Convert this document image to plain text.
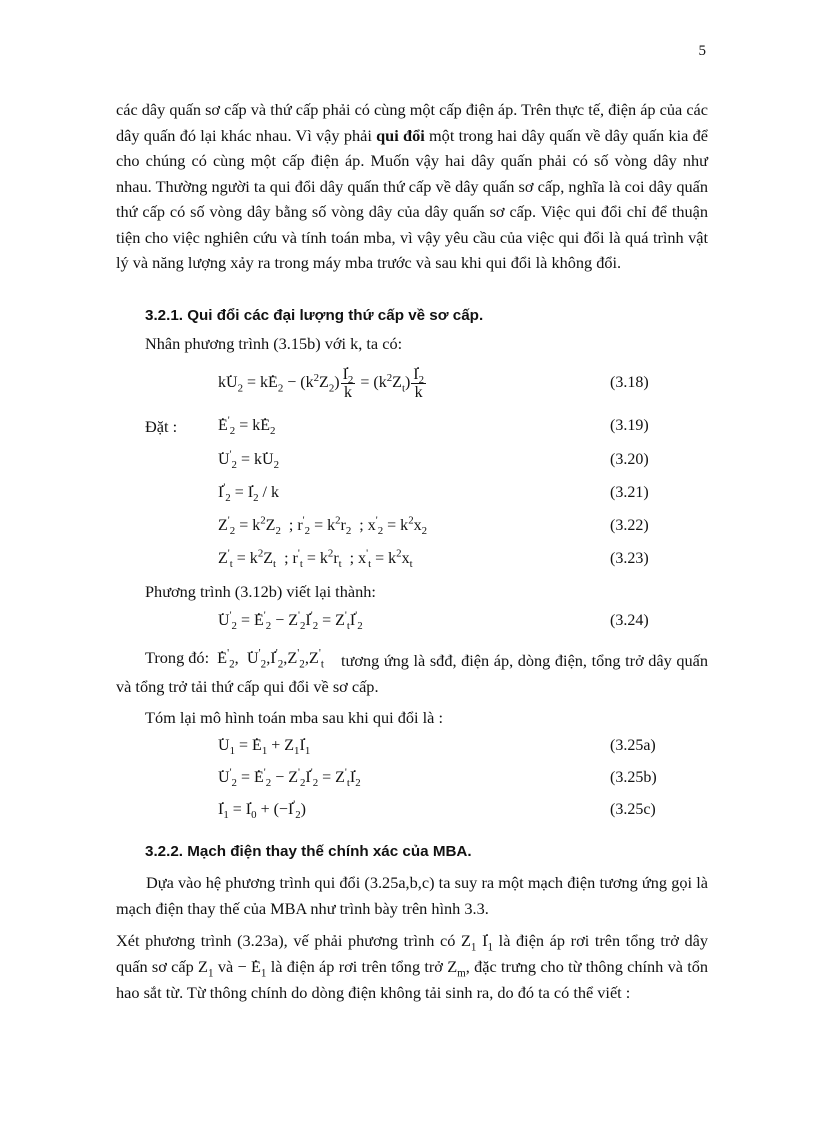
5

các dây quấn sơ cấp và thứ cấp phải có cùng một cấp điện áp. Trên thực tế, điện áp của các dây quấn đó lại khác nhau. Vì vậy phải qui đổi một trong hai dây quấn về dây quấn kia để cho chúng có cùng một cấp điện áp. Muốn vậy hai dây quấn phải có số vòng dây như nhau. Thường người ta qui đổi dây quấn thứ cấp về dây quấn sơ cấp, nghĩa là coi dây quấn thứ cấp có số vòng dây bằng số vòng dây của dây quấn sơ cấp. Việc qui đổi chỉ để thuận tiện cho việc nghiên cứu và tính toán mba, vì vậy yêu cầu của việc qui đổi là quá trình vật lý và năng lượng xảy ra trong máy mba trước và sau khi qui đổi là không đổi.

3.2.1. Qui đổi các đại lượng thứ cấp về sơ cấp.
Nhân phương trình (3.15b) với k, ta có:
kU $._2$ = kE $._2 - (k^2Z_2) \frac{I ._2}{k} = (k^2Z_t) \frac{I ._2}{k}$	(3.18)
Đặt :	E $.'_2$ = kE $._2$	(3.19)
U $.'_2$ = kU $._2$	(3.20)
I $.'_2 = I$ $._2$ / k	(3.21)
$Z'_2 = k^2Z_2$  ; $r'_2 = k^2r_2$  ; $x'_2 = k^2x_2$	(3.22)
$Z'_t = k^2Z_t$  ; $r'_t = k^2r_t$  ; $x'_t = k^2x_t$	(3.23)
Phương trình (3.12b) viết lại thành:
U $.'_2 = E$ $.'_2 - Z'_2I$ $.'_2 = Z'_tI$ $.'_2$	(3.24)
Trong đó: E $.'_2$,  U $.'_2,I$ $.'_2,Z'_2,Z'_t$	tương ứng là sđđ, điện áp, dòng điện, tổng trở dây quấn và tổng trở tải thứ cấp qui đổi về sơ cấp.

Tóm lại mô hình toán mba sau khi qui đổi là :
U $._1 = E$ $._1 + Z_1I$ $._1$	(3.25a)
U $.'_2 = E$ $.'_2 - Z'_2I$ $.'_2 = Z'_tI$ $._2$	(3.25b)
I $._1 = I$ $._0 + (-I$ $.'_2$)	(3.25c)
3.2.2. Mạch điện thay thế chính xác của MBA.

Dựa vào hệ phương trình qui đổi (3.25a,b,c) ta suy ra một mạch điện tương ứng gọi là mạch điện thay thế của MBA như trình bày trên hình 3.3.

Xét phương trình (3.23a), vế phải phương trình có $Z_1$ I $._1$ là điện áp rơi trên tổng trở dây quấn sơ cấp $Z_1$ và − E $._1$ là điện áp rơi trên tổng trở $Z_m$, đặc trưng cho từ thông chính và tổn hao sắt từ. Từ thông chính do dòng điện không tải sinh ra, do đó ta có thể viết :
